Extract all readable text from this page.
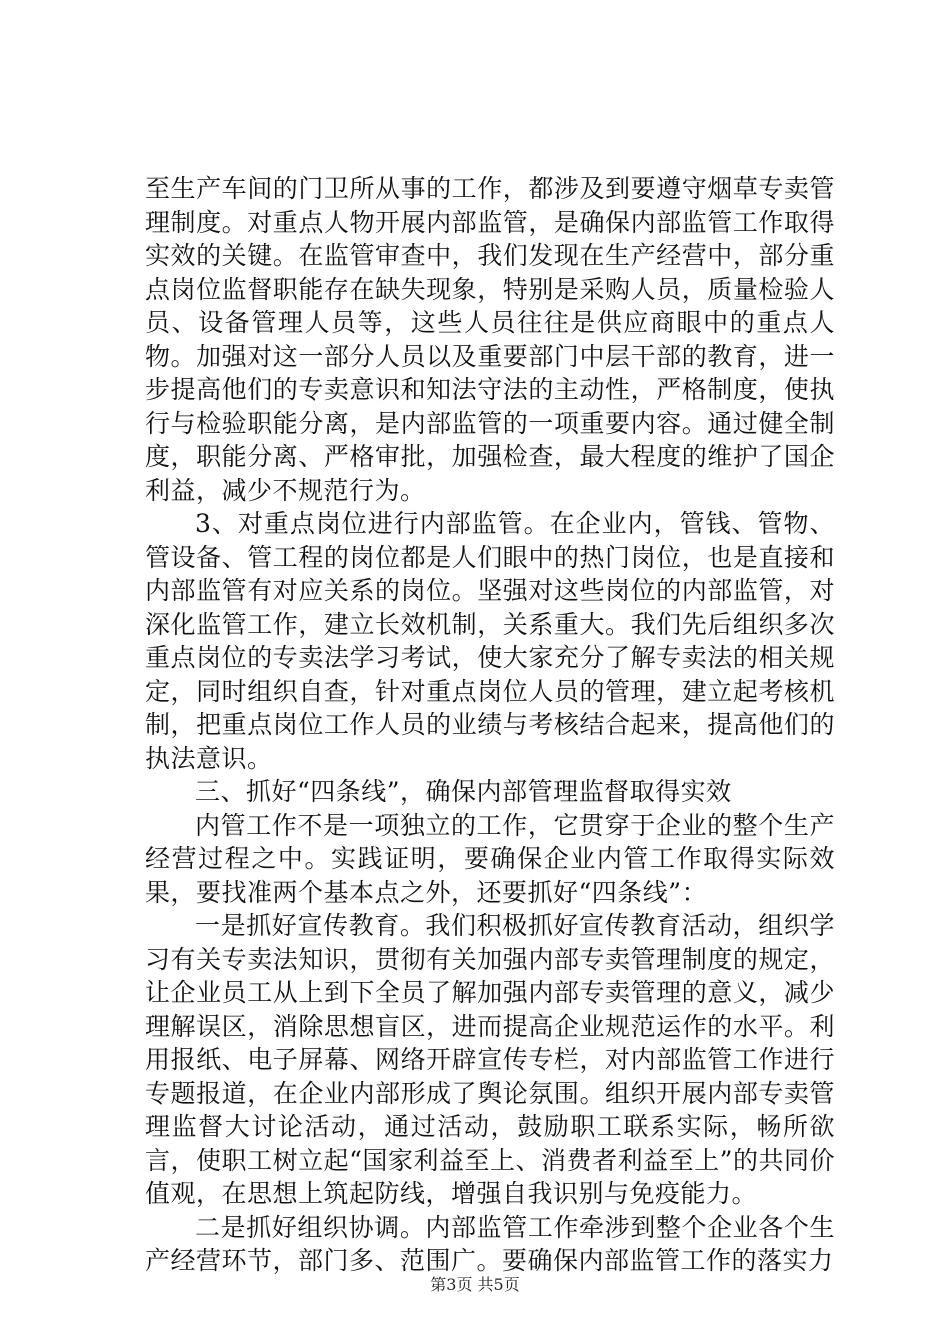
至生产车间的门卫所从事的工作，都涉及到要遵守烟草专卖管理制度。对重点人物开展内部监管，是确保内部监管工作取得实效的关键。在监管审查中，我们发现在生产经营中，部分重点岗位监督职能存在缺失现象，特别是采购人员，质量检验人员、设备管理人员等，这些人员往往是供应商眼中的重点人物。加强对这一部分人员以及重要部门中层干部的教育，进一步提高他们的专卖意识和知法守法的主动性，严格制度，使执行与检验职能分离，是内部监管的一项重要内容。通过健全制度，职能分离、严格审批，加强检查，最大程度的维护了国企利益，减少不规范行为。

3、对重点岗位进行内部监管。在企业内，管钱、管物、管设备、管工程的岗位都是人们眼中的热门岗位，也是直接和内部监管有对应关系的岗位。坚强对这些岗位的内部监管，对深化监管工作，建立长效机制，关系重大。我们先后组织多次重点岗位的专卖法学习考试，使大家充分了解专卖法的相关规定，同时组织自查，针对重点岗位人员的管理，建立起考核机制，把重点岗位工作人员的业绩与考核结合起来，提高他们的执法意识。

三、抓好“四条线”，确保内部管理监督取得实效

内管工作不是一项独立的工作，它贯穿于企业的整个生产经营过程之中。实践证明，要确保企业内管工作取得实际效果，要找准两个基本点之外，还要抓好“四条线”：

一是抓好宣传教育。我们积极抓好宣传教育活动，组织学习有关专卖法知识，贯彻有关加强内部专卖管理制度的规定，让企业员工从上到下全员了解加强内部专卖管理的意义，减少理解误区，消除思想盲区，进而提高企业规范运作的水平。利用报纸、电子屏幕、网络开辟宣传专栏，对内部监管工作进行专题报道，在企业内部形成了舆论氛围。组织开展内部专卖管理监督大讨论活动，通过活动，鼓励职工联系实际，畅所欲言，使职工树立起“国家利益至上、消费者利益至上”的共同价值观，在思想上筑起防线，增强自我识别与免疫能力。

二是抓好组织协调。内部监管工作牵涉到整个企业各个生产经营环节，部门多、范围广。要确保内部监管工作的落实力

第3页 共5页
